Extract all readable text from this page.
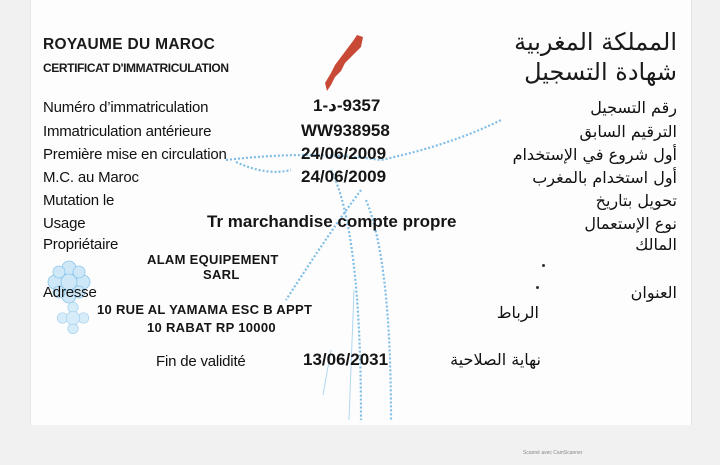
ROYAUME DU MAROC
CERTIFICAT D'IMMATRICULATION
المملكة المغربية
شهادة التسجيل
Numéro d’immatriculation	9357-د-1	رقم التسجيل
Immatriculation antérieure	WW938958	الترقيم السابق
Première mise en circulation	24/06/2009	أول شروع في الإستخدام
M.C. au Maroc	24/06/2009	أول استخدام بالمغرب
Mutation le	تحويل بتاريخ
Usage	Tr marchandise compte propre	نوع الإستعمال
Propriétaire	المالك
ALAM EQUIPEMENT
SARL
Adresse	العنوان
10 RUE AL YAMAMA ESC B APPT
10 RABAT RP 10000
الرباط
Fin de validité	13/06/2031	نهاية الصلاحية
Scanné avec CamScanner
